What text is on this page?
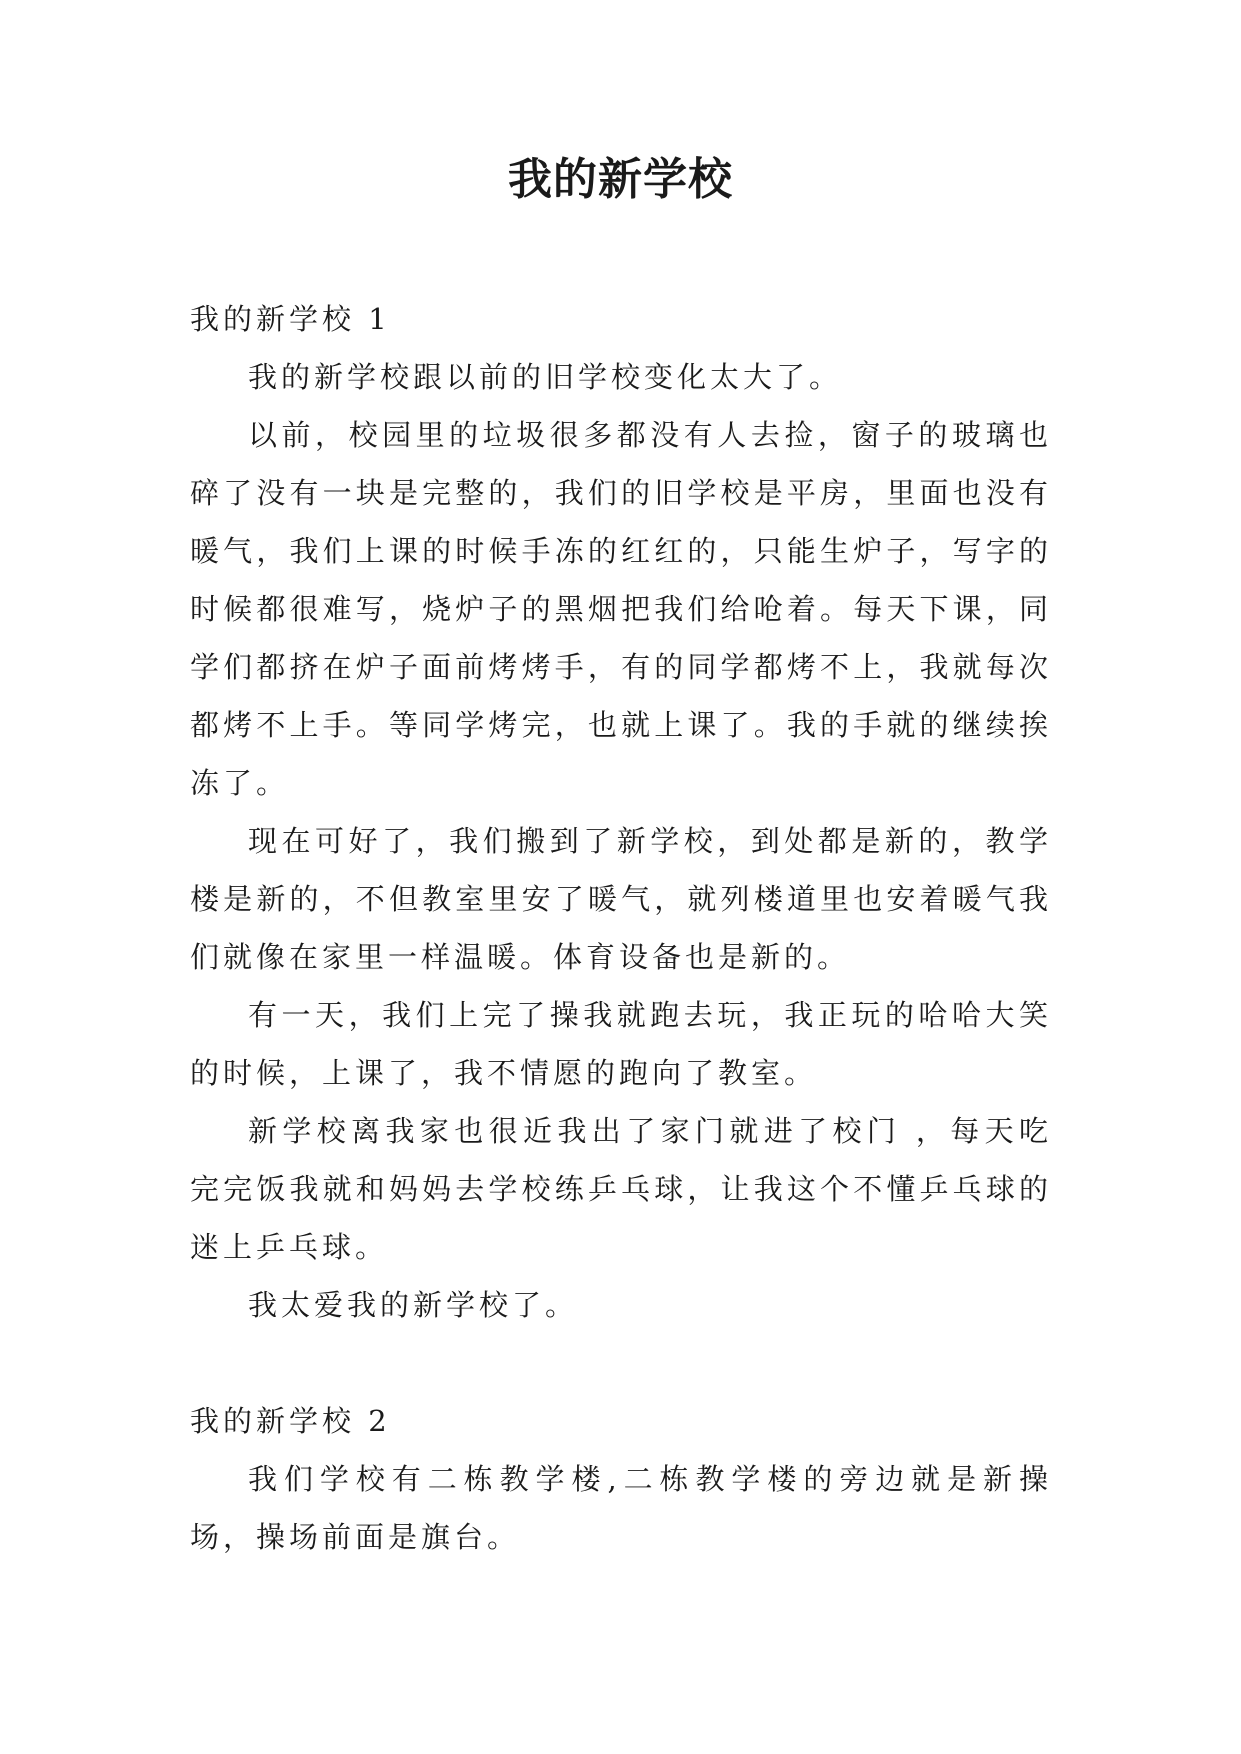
我的新学校

我的新学校 1

我的新学校跟以前的旧学校变化太大了。

以前，校园里的垃圾很多都没有人去捡，窗子的玻璃也碎了没有一块是完整的，我们的旧学校是平房，里面也没有暖气，我们上课的时候手冻的红红的，只能生炉子，写字的时候都很难写，烧炉子的黑烟把我们给呛着。每天下课，同学们都挤在炉子面前烤烤手，有的同学都烤不上，我就每次都烤不上手。等同学烤完，也就上课了。我的手就的继续挨冻了。

现在可好了，我们搬到了新学校，到处都是新的，教学楼是新的，不但教室里安了暖气，就列楼道里也安着暖气我们就像在家里一样温暖。体育设备也是新的。

有一天，我们上完了操我就跑去玩，我正玩的哈哈大笑的时候，上课了，我不情愿的跑向了教室。

新学校离我家也很近我出了家门就进了校门 ，每天吃完完饭我就和妈妈去学校练乒乓球，让我这个不懂乒乓球的迷上乒乓球。

我太爱我的新学校了。

我的新学校 2

我们学校有二栋教学楼,二栋教学楼的旁边就是新操场，操场前面是旗台。
